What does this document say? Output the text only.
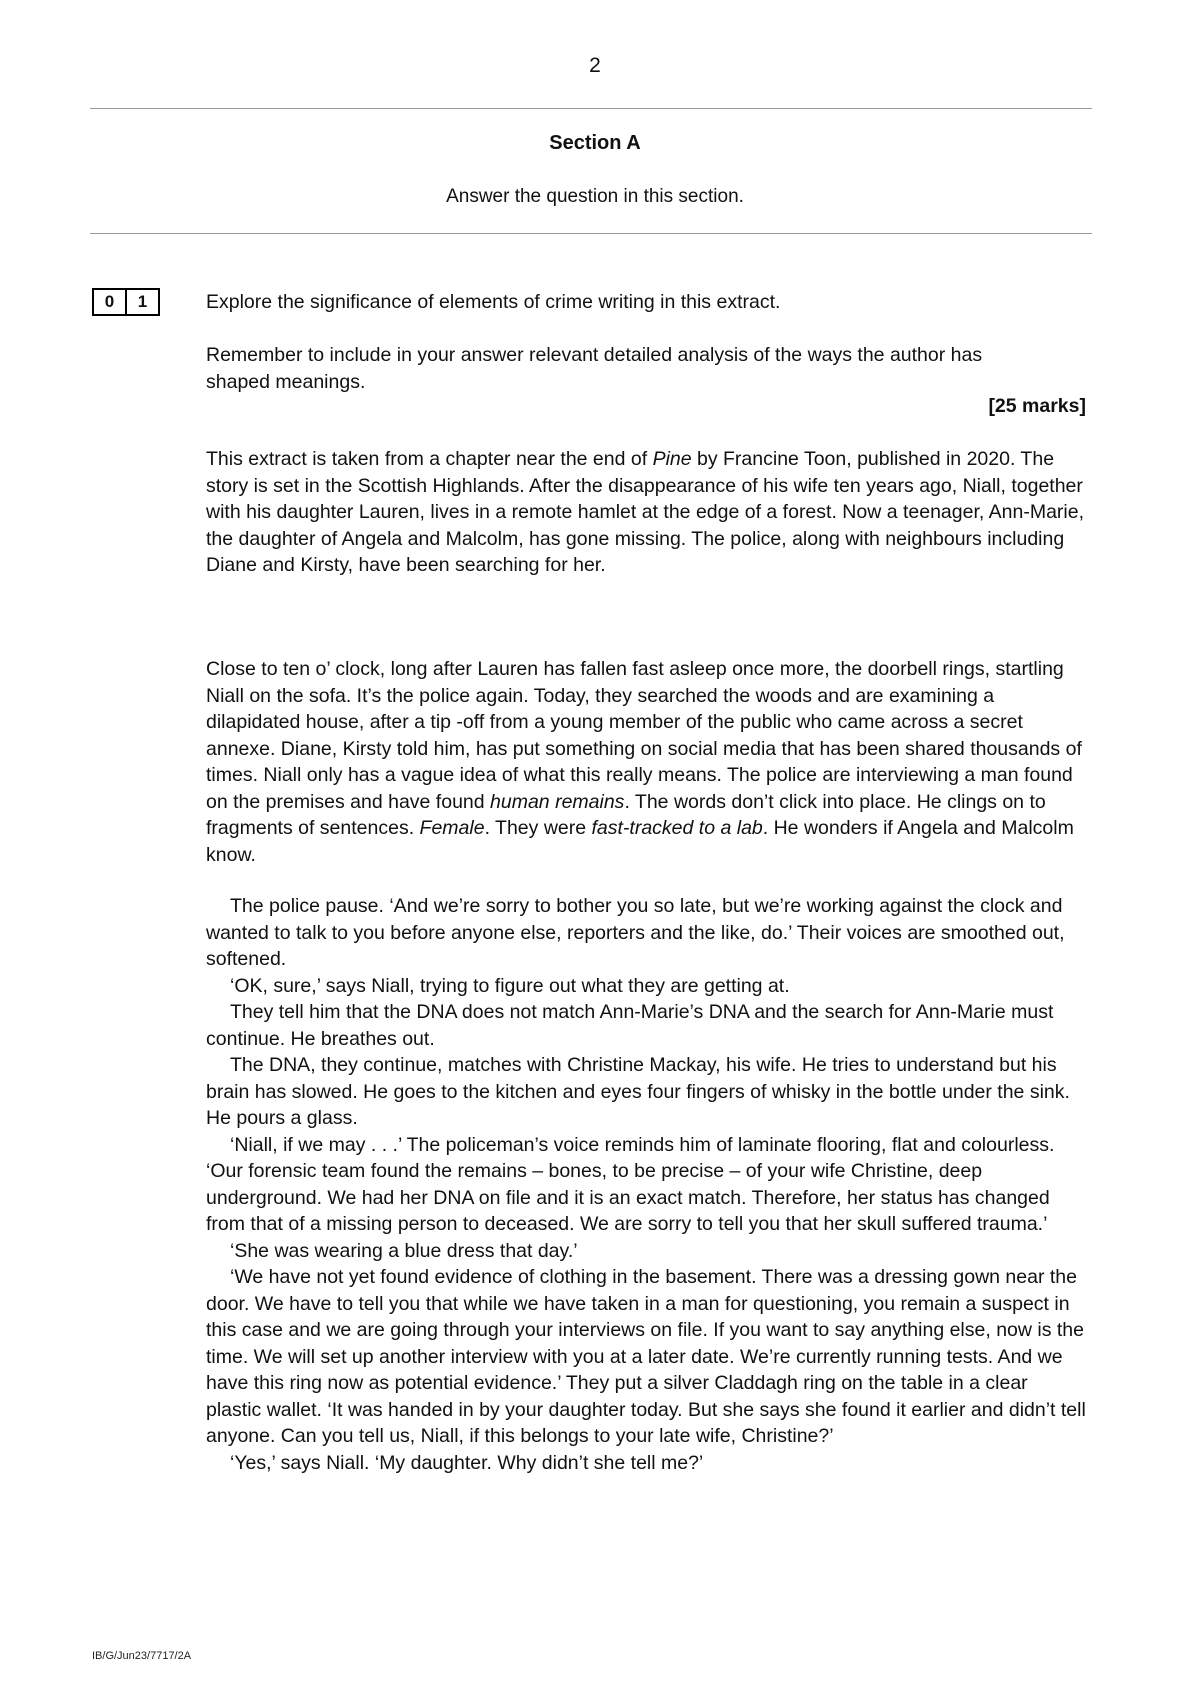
2
Section A
Answer the question in this section.
0	1	Explore the significance of elements of crime writing in this extract.
Remember to include in your answer relevant detailed analysis of the ways the author has shaped meanings.
[25 marks]

This extract is taken from a chapter near the end of Pine by Francine Toon, published in 2020. The story is set in the Scottish Highlands. After the disappearance of his wife ten years ago, Niall, together with his daughter Lauren, lives in a remote hamlet at the edge of a forest. Now a teenager, Ann-Marie, the daughter of Angela and Malcolm, has gone missing. The police, along with neighbours including Diane and Kirsty, have been searching for her.

Close to ten o’ clock, long after Lauren has fallen fast asleep once more, the doorbell rings, startling Niall on the sofa. It’s the police again. Today, they searched the woods and are examining a dilapidated house, after a tip -off from a young member of the public who came across a secret annexe. Diane, Kirsty told him, has put something on social media that has been shared thousands of times. Niall only has a vague idea of what this really means. The police are interviewing a man found on the premises and have found human remains. The words don’t click into place. He clings on to fragments of sentences. Female. They were fast-tracked to a lab. He wonders if Angela and Malcolm know.

The police pause. ‘And we’re sorry to bother you so late, but we’re working against the clock and wanted to talk to you before anyone else, reporters and the like, do.’ Their voices are smoothed out, softened.

‘OK, sure,’ says Niall, trying to figure out what they are getting at.

They tell him that the DNA does not match Ann-Marie’s DNA and the search for Ann-Marie must continue. He breathes out.

The DNA, they continue, matches with Christine Mackay, his wife. He tries to understand but his brain has slowed. He goes to the kitchen and eyes four fingers of whisky in the bottle under the sink. He pours a glass.

‘Niall, if we may . . .’ The policeman’s voice reminds him of laminate flooring, flat and colourless. ‘Our forensic team found the remains – bones, to be precise – of your wife Christine, deep underground. We had her DNA on file and it is an exact match. Therefore, her status has changed from that of a missing person to deceased. We are sorry to tell you that her skull suffered trauma.’

‘She was wearing a blue dress that day.’

‘We have not yet found evidence of clothing in the basement. There was a dressing gown near the door. We have to tell you that while we have taken in a man for questioning, you remain a suspect in this case and we are going through your interviews on file. If you want to say anything else, now is the time. We will set up another interview with you at a later date. We’re currently running tests. And we have this ring now as potential evidence.’ They put a silver Claddagh ring on the table in a clear plastic wallet. ‘It was handed in by your daughter today. But she says she found it earlier and didn’t tell anyone. Can you tell us, Niall, if this belongs to your late wife, Christine?’

‘Yes,’ says Niall. ‘My daughter. Why didn’t she tell me?’

IB/G/Jun23/7717/2A
